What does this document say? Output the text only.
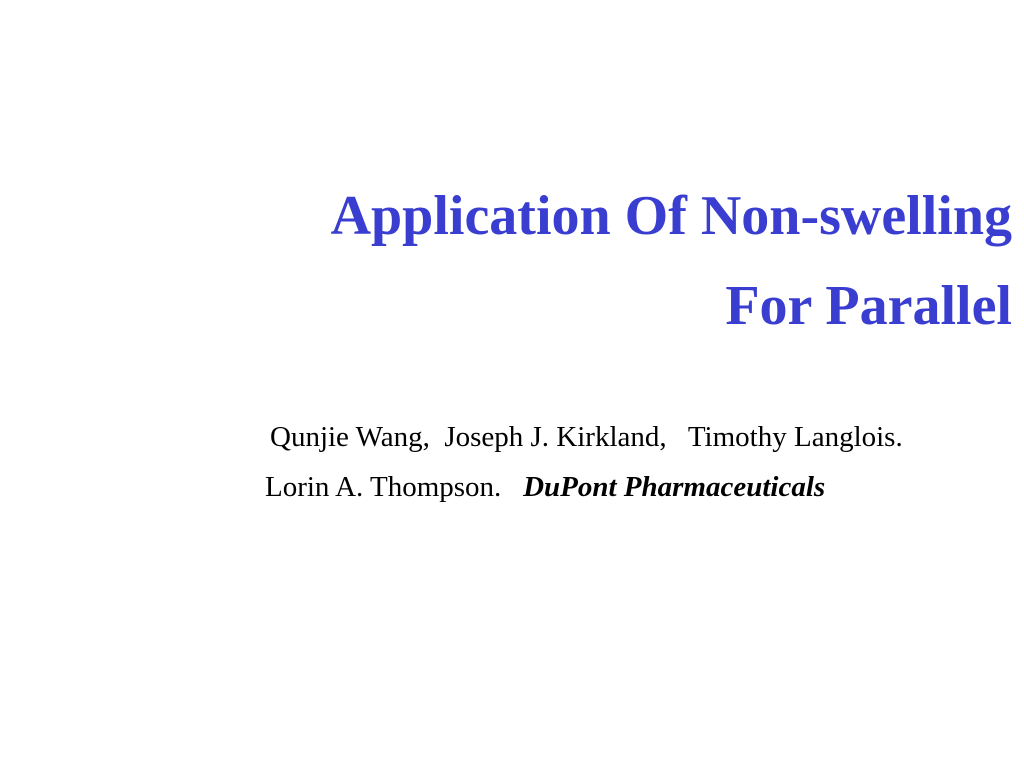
Application Of Non-swelling
For Parallel
Qunjie Wang,  Joseph J. Kirkland,   Timothy Langlois.
Lorin A. Thompson.   DuPont Pharmaceuticals
